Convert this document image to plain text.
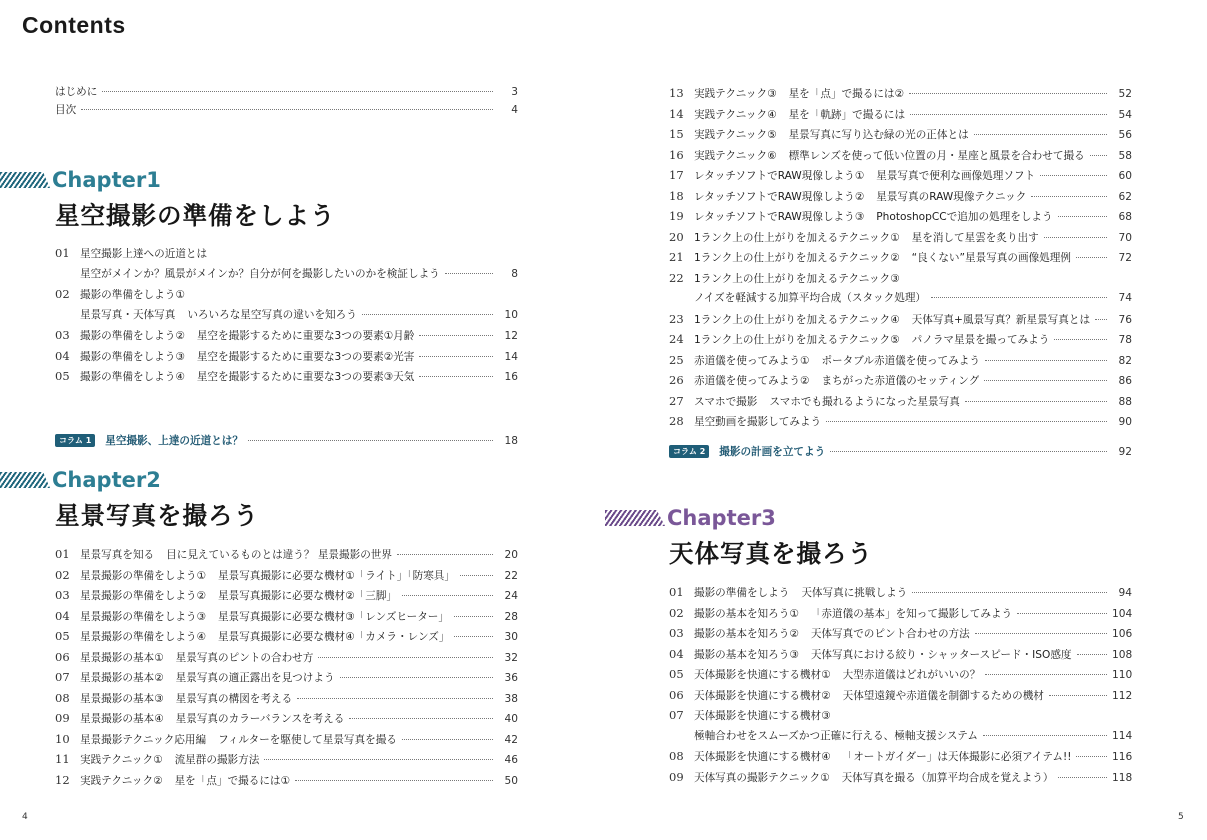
Contents
はじめに	3
目次	4
Chapter1
星空撮影の準備をしよう
01 星空撮影上達への近道とは
星空がメインか？風景がメインか？自分が何を撮影したいのかを検証しよう	8
02 撮影の準備をしよう①
星景写真・天体写真 いろいろな星空写真の違いを知ろう	10
03 撮影の準備をしよう② 星空を撮影するために重要な3つの要素①月齢	12
04 撮影の準備をしよう③ 星空を撮影するために重要な3つの要素②光害	14
05 撮影の準備をしよう④ 星空を撮影するために重要な3つの要素③天気	16
コラム 1	星空撮影、上達の近道とは？	18
Chapter2
星景写真を撮ろう
01 星景写真を知る 目に見えているものとは違う？ 星景撮影の世界	20
02 星景撮影の準備をしよう① 星景写真撮影に必要な機材①「ライト」「防寒具」	22
03 星景撮影の準備をしよう② 星景写真撮影に必要な機材②「三脚」	24
04 星景撮影の準備をしよう③ 星景写真撮影に必要な機材③「レンズヒーター」	28
05 星景撮影の準備をしよう④ 星景写真撮影に必要な機材④「カメラ・レンズ」	30
06 星景撮影の基本① 星景写真のピントの合わせ方	32
07 星景撮影の基本② 星景写真の適正露出を見つけよう	36
08 星景撮影の基本③ 星景写真の構図を考える	38
09 星景撮影の基本④ 星景写真のカラーバランスを考える	40
10 星景撮影テクニック応用編 フィルターを駆使して星景写真を撮る	42
11 実践テクニック① 流星群の撮影方法	46
12 実践テクニック② 星を「点」で撮るには①	50
13 実践テクニック③ 星を「点」で撮るには②	52
14 実践テクニック④ 星を「軌跡」で撮るには	54
15 実践テクニック⑤ 星景写真に写り込む緑の光の正体とは	56
16 実践テクニック⑥ 標準レンズを使って低い位置の月・星座と風景を合わせて撮る	58
17 レタッチソフトでRAW現像しよう① 星景写真で便利な画像処理ソフト	60
18 レタッチソフトでRAW現像しよう② 星景写真のRAW現像テクニック	62
19 レタッチソフトでRAW現像しよう③ PhotoshopCCで追加の処理をしよう	68
20 1ランク上の仕上がりを加えるテクニック① 星を消して星雲を炙り出す	70
21 1ランク上の仕上がりを加えるテクニック② “良くない”星景写真の画像処理例	72
22 1ランク上の仕上がりを加えるテクニック③
ノイズを軽減する加算平均合成（スタック処理）	74
23 1ランク上の仕上がりを加えるテクニック④ 天体写真+風景写真？新星景写真とは	76
24 1ランク上の仕上がりを加えるテクニック⑤ パノラマ星景を撮ってみよう	78
25 赤道儀を使ってみよう① ポータブル赤道儀を使ってみよう	82
26 赤道儀を使ってみよう② まちがった赤道儀のセッティング	86
27 スマホで撮影 スマホでも撮れるようになった星景写真	88
28 星空動画を撮影してみよう	90
コラム 2	撮影の計画を立てよう	92
Chapter3
天体写真を撮ろう
01 撮影の準備をしよう 天体写真に挑戦しよう	94
02 撮影の基本を知ろう① 「赤道儀の基本」を知って撮影してみよう	104
03 撮影の基本を知ろう② 天体写真でのピント合わせの方法	106
04 撮影の基本を知ろう③ 天体写真における絞り・シャッタースピード・ISO感度	108
05 天体撮影を快適にする機材① 大型赤道儀はどれがいいの？	110
06 天体撮影を快適にする機材② 天体望遠鏡や赤道儀を制御するための機材	112
07 天体撮影を快適にする機材③
極軸合わせをスムーズかつ正確に行える、極軸支援システム	114
08 天体撮影を快適にする機材④ 「オートガイダー」は天体撮影に必須アイテム!!	116
09 天体写真の撮影テクニック① 天体写真を撮る（加算平均合成を覚えよう）	118
4	5
